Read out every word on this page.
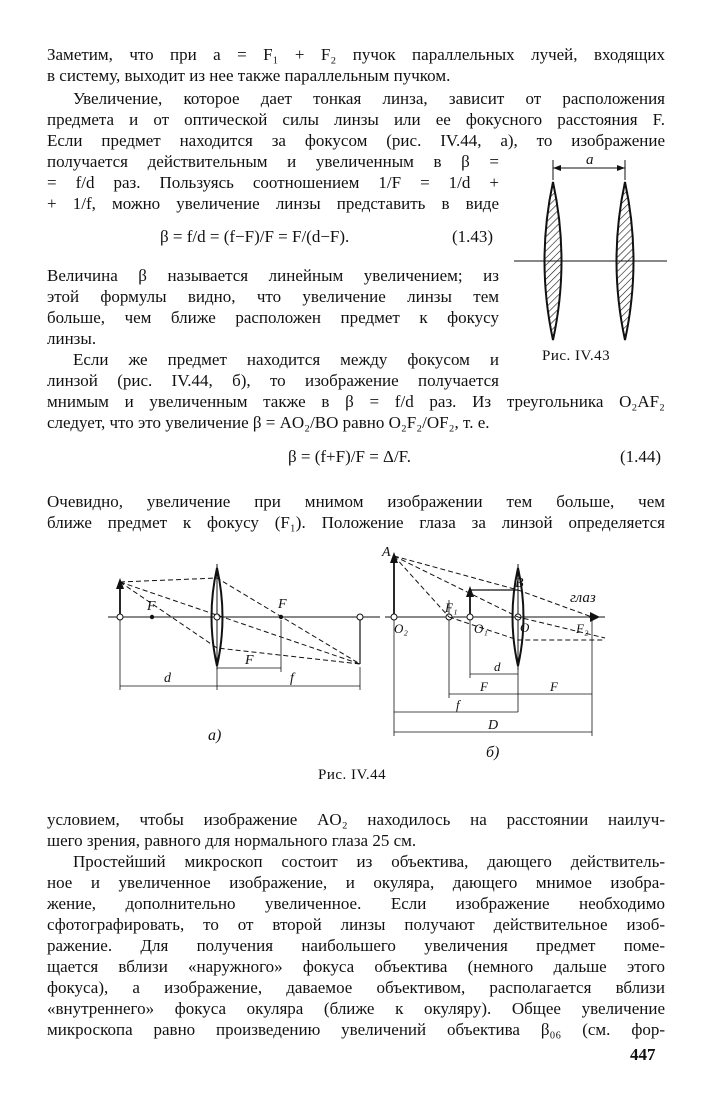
Заметим, что при a = F₁ + F₂ пучок параллельных лучей, входящих
в систему, выходит из нее также параллельным пучком.
Увеличение, которое дает тонкая линза, зависит от расположения
предмета и от оптической силы линзы или ее фокусного расстояния F.
Если предмет находится за фокусом (рис. IV.44, a), то изображение
получается действительным и увеличенным в β =
= f/d раз. Пользуясь соотношением 1/F = 1/d +
+ 1/f, можно увеличение линзы представить в виде
β = f/d = (f−F)/F = F/(d−F).	(1.43)
Величина β называется линейным увеличением; из
этой формулы видно, что увеличение линзы тем
больше, чем ближе расположен предмет к фокусу
линзы.
Если же предмет находится между фокусом и
линзой (рис. IV.44, б), то изображение получается
мнимым и увеличенным также в β = f/d раз. Из треугольника O₂AF₂
следует, что это увеличение β = AO₂/BO равно O₂F₂/OF₂, т. е.
β = (f+F)/F = Δ/F.	(1.44)
Очевидно, увеличение при мнимом изображении тем больше, чем
ближе предмет к фокусу (F₁). Положение глаза за линзой определяется
a
Рис. IV.43
F	F
F
d	f
a)
A
O₂
F₁
O₁ O
B
F₂
глаз
d
F	F
f
D
б)
Рис. IV.44
условием, чтобы изображение AO₂ находилось на расстоянии наилуч-
шего зрения, равного для нормального глаза 25 см.
Простейший микроскоп состоит из объектива, дающего действитель-
ное и увеличенное изображение, и окуляра, дающего мнимое изобра-
жение, дополнительно увеличенное. Если изображение необходимо
сфотографировать, то от второй линзы получают действительное изоб-
ражение. Для получения наибольшего увеличения предмет поме-
щается вблизи «наружного» фокуса объектива (немного дальше этого
фокуса), а изображение, даваемое объективом, располагается вблизи
«внутреннего» фокуса окуляра (ближе к окуляру). Общее увеличение
микроскопа равно произведению увеличений объектива β₀₆ (см. фор-
447
